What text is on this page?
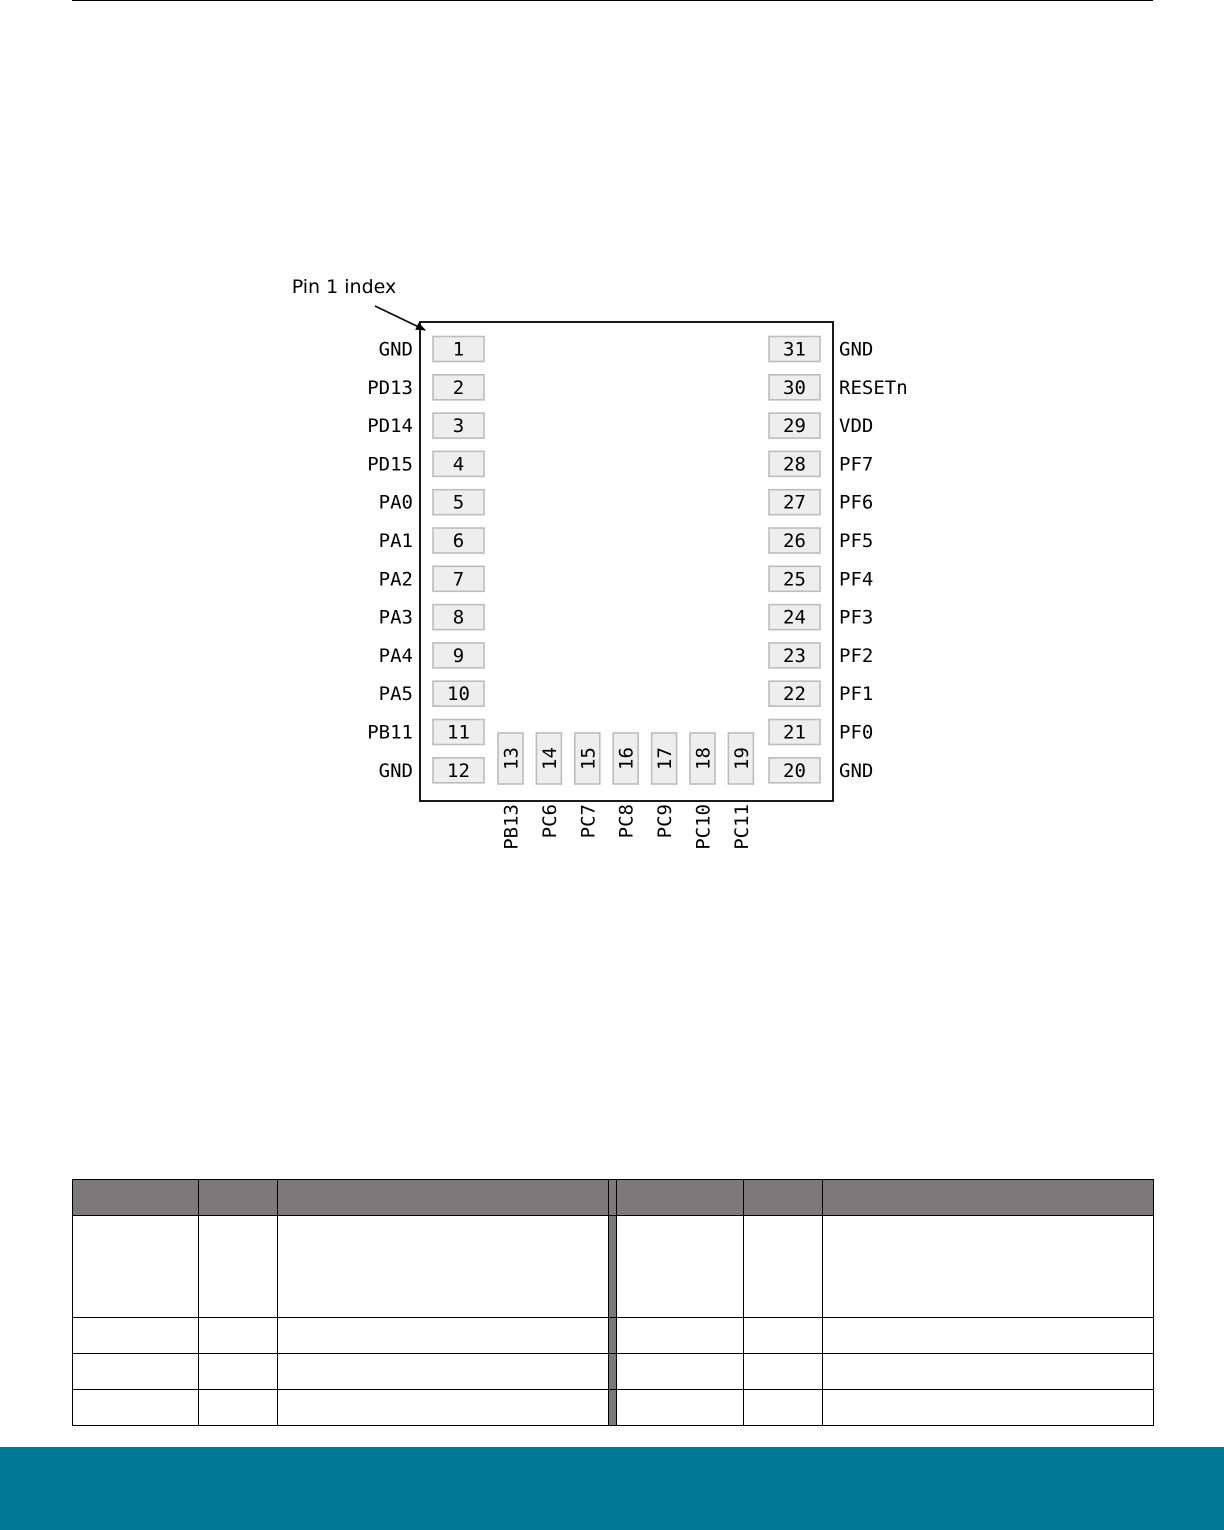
Pin 1 index
1
GND
2
PD13
3
PD14
4
PD15
5
PA0
6
PA1
7
PA2
8
PA3
9
PA4
10
PA5
11
PB11
12
GND
31 GND
30 RESETn
29 VDD
28 PF7
27 PF6
26 PF5
25 PF4
24 PF3
23 PF2
22 PF1
21 PF0
20 GND
13
PB13
14
PC6
15
PC7
16
PC8
17
PC9
18
PC10
19
PC11
